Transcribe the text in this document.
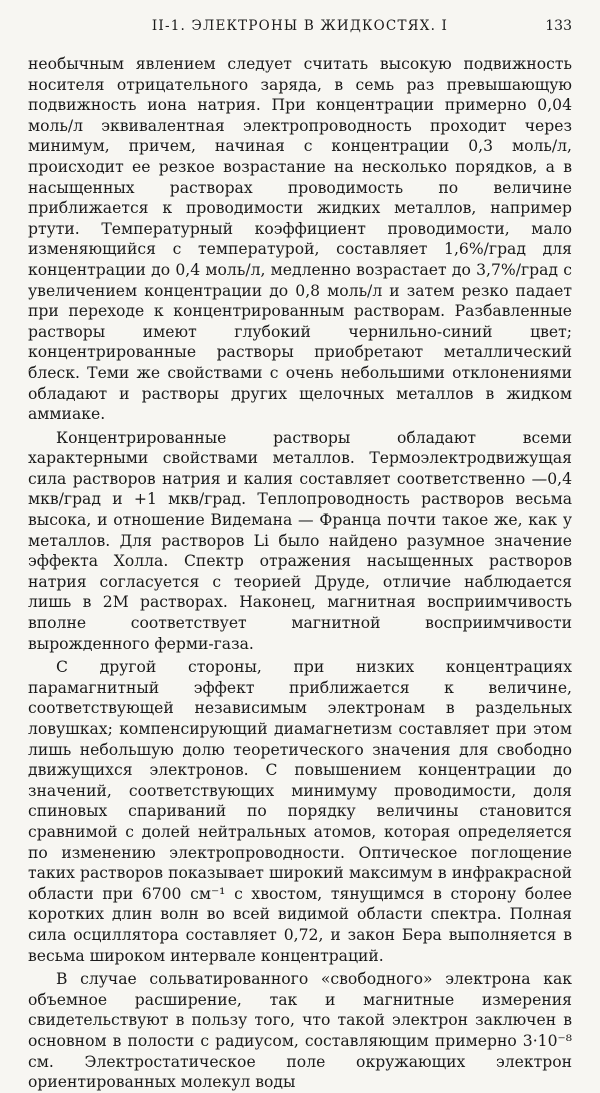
II-1. ЭЛЕКТРОНЫ В ЖИДКОСТЯХ. I	133

необычным явлением следует считать высокую подвижность носителя отрицательного заряда, в семь раз превышающую подвижность иона натрия. При концентрации примерно 0,04 моль/л эквивалентная электропроводность проходит через минимум, причем, начиная с концентрации 0,3 моль/л, происходит ее резкое возрастание на несколько порядков, а в насыщенных растворах проводимость по величине приближается к проводимости жидких металлов, например ртути. Температурный коэффициент проводимости, мало изменяющийся с температурой, составляет 1,6%/град для концентрации до 0,4 моль/л, медленно возрастает до 3,7%/град с увеличением концентрации до 0,8 моль/л и затем резко падает при переходе к концентрированным растворам. Разбавленные растворы имеют глубокий чернильно-синий цвет; концентрированные растворы приобретают металлический блеск. Теми же свойствами с очень небольшими отклонениями обладают и растворы других щелочных металлов в жидком аммиаке.

Концентрированные растворы обладают всеми характерными свойствами металлов. Термоэлектродвижущая сила растворов натрия и калия составляет соответственно —0,4 мкв/град и +1 мкв/град. Теплопроводность растворов весьма высока, и отношение Видемана — Франца почти такое же, как у металлов. Для растворов Li было найдено разумное значение эффекта Холла. Спектр отражения насыщенных растворов натрия согласуется с теорией Друде, отличие наблюдается лишь в 2М растворах. Наконец, магнитная восприимчивость вполне соответствует магнитной восприимчивости вырожденного ферми-газа.

С другой стороны, при низких концентрациях парамагнитный эффект приближается к величине, соответствующей независимым электронам в раздельных ловушках; компенсирующий диамагнетизм составляет при этом лишь небольшую долю теоретического значения для свободно движущихся электронов. С повышением концентрации до значений, соответствующих минимуму проводимости, доля спиновых спариваний по порядку величины становится сравнимой с долей нейтральных атомов, которая определяется по изменению электропроводности. Оптическое поглощение таких растворов показывает широкий максимум в инфракрасной области при 6700 см⁻¹ с хвостом, тянущимся в сторону более коротких длин волн во всей видимой области спектра. Полная сила осциллятора составляет 0,72, и закон Бера выполняется в весьма широком интервале концентраций.

В случае сольватированного «свободного» электрона как объемное расширение, так и магнитные измерения свидетельствуют в пользу того, что такой электрон заключен в основном в полости с радиусом, составляющим примерно 3·10⁻⁸ см. Электростатическое поле окружающих электрон ориентированных молекул воды
